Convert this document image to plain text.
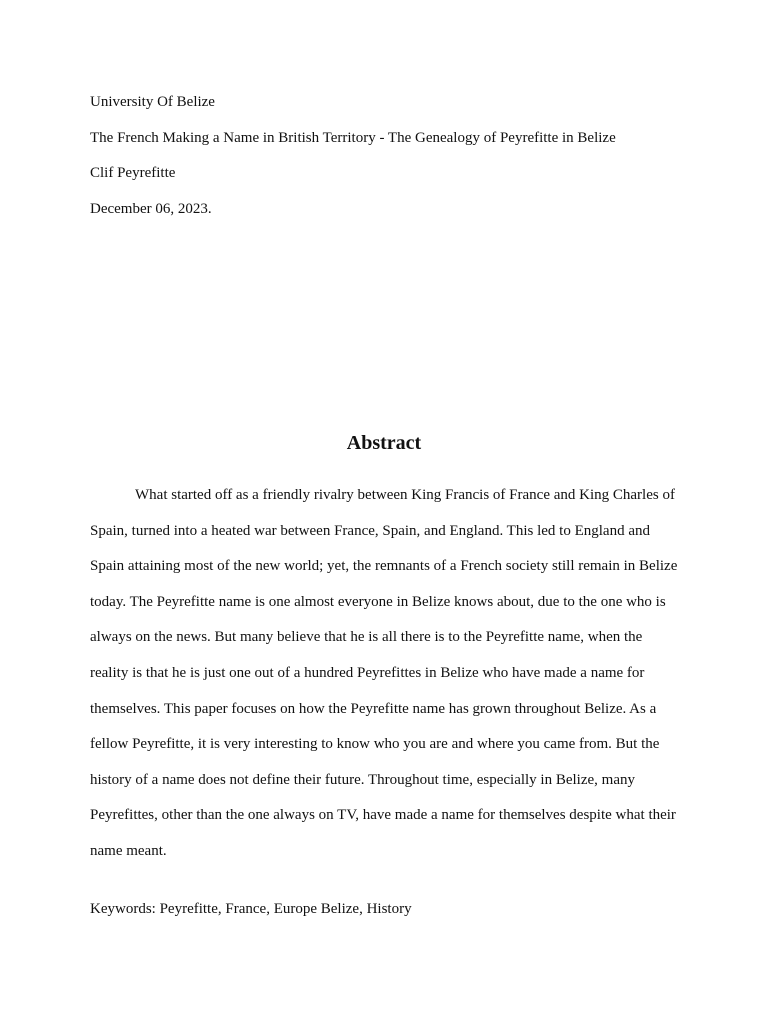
University Of Belize

The French Making a Name in British Territory - The Genealogy of Peyrefitte in Belize

Clif Peyrefitte

December 06, 2023.

Abstract

What started off as a friendly rivalry between King Francis of France and King Charles of Spain, turned into a heated war between France, Spain, and England. This led to England and Spain attaining most of the new world; yet, the remnants of a French society still remain in Belize today. The Peyrefitte name is one almost everyone in Belize knows about, due to the one who is always on the news. But many believe that he is all there is to the Peyrefitte name, when the reality is that he is just one out of a hundred Peyrefittes in Belize who have made a name for themselves. This paper focuses on how the Peyrefitte name has grown throughout Belize. As a fellow Peyrefitte, it is very interesting to know who you are and where you came from. But the history of a name does not define their future. Throughout time, especially in Belize, many Peyrefittes, other than the one always on TV, have made a name for themselves despite what their name meant.

Keywords: Peyrefitte, France, Europe Belize, History
